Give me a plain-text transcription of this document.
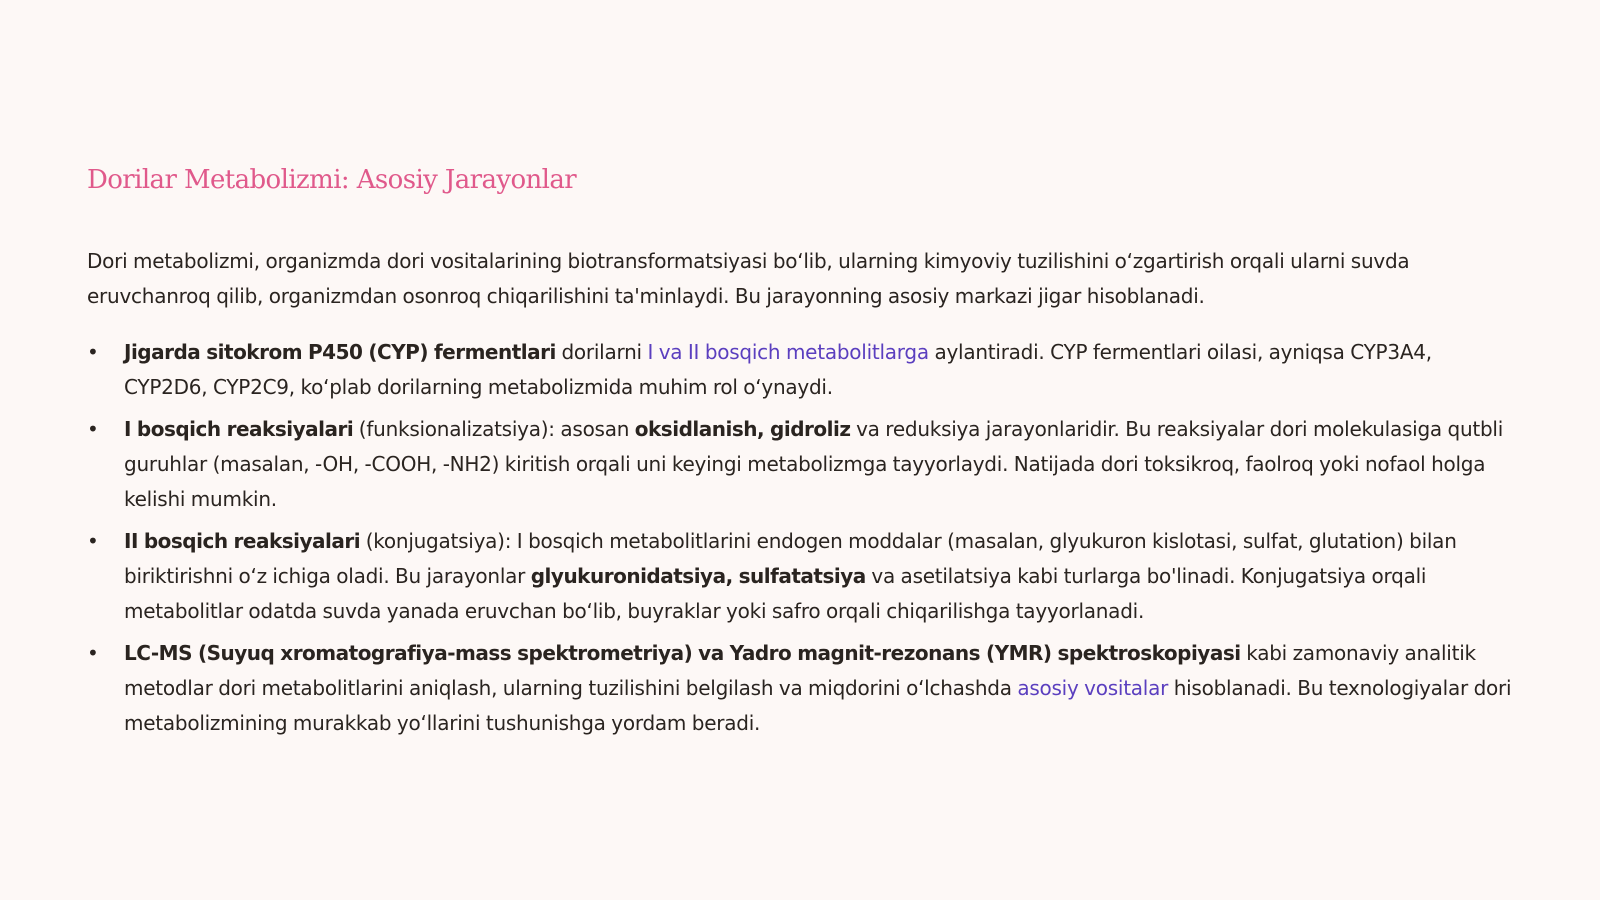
Dorilar Metabolizmi: Asosiy Jarayonlar

Dori metabolizmi, organizmda dori vositalarining biotransformatsiyasi bo‘lib, ularning kimyoviy tuzilishini o‘zgartirish orqali ularni suvda eruvchanroq qilib, organizmdan osonroq chiqarilishini ta'minlaydi. Bu jarayonning asosiy markazi jigar hisoblanadi.

• Jigarda sitokrom P450 (CYP) fermentlari dorilarni I va II bosqich metabolitlarga aylantiradi. CYP fermentlari oilasi, ayniqsa CYP3A4, CYP2D6, CYP2C9, ko‘plab dorilarning metabolizmida muhim rol o‘ynaydi.
• I bosqich reaksiyalari (funksionalizatsiya): asosan oksidlanish, gidroliz va reduksiya jarayonlaridir. Bu reaksiyalar dori molekulasiga qutbli guruhlar (masalan, -OH, -COOH, -NH2) kiritish orqali uni keyingi metabolizmga tayyorlaydi. Natijada dori toksikroq, faolroq yoki nofaol holga kelishi mumkin.
• II bosqich reaksiyalari (konjugatsiya): I bosqich metabolitlarini endogen moddalar (masalan, glyukuron kislotasi, sulfat, glutation) bilan biriktirishni o‘z ichiga oladi. Bu jarayonlar glyukuronidatsiya, sulfatatsiya va asetilatsiya kabi turlarga bo'linadi. Konjugatsiya orqali metabolitlar odatda suvda yanada eruvchan bo‘lib, buyraklar yoki safro orqali chiqarilishga tayyorlanadi.
• LC-MS (Suyuq xromatografiya-mass spektrometriya) va Yadro magnit-rezonans (YMR) spektroskopiyasi kabi zamonaviy analitik metodlar dori metabolitlarini aniqlash, ularning tuzilishini belgilash va miqdorini o‘lchashda asosiy vositalar hisoblanadi. Bu texnologiyalar dori metabolizmining murakkab yo‘llarini tushunishga yordam beradi.
